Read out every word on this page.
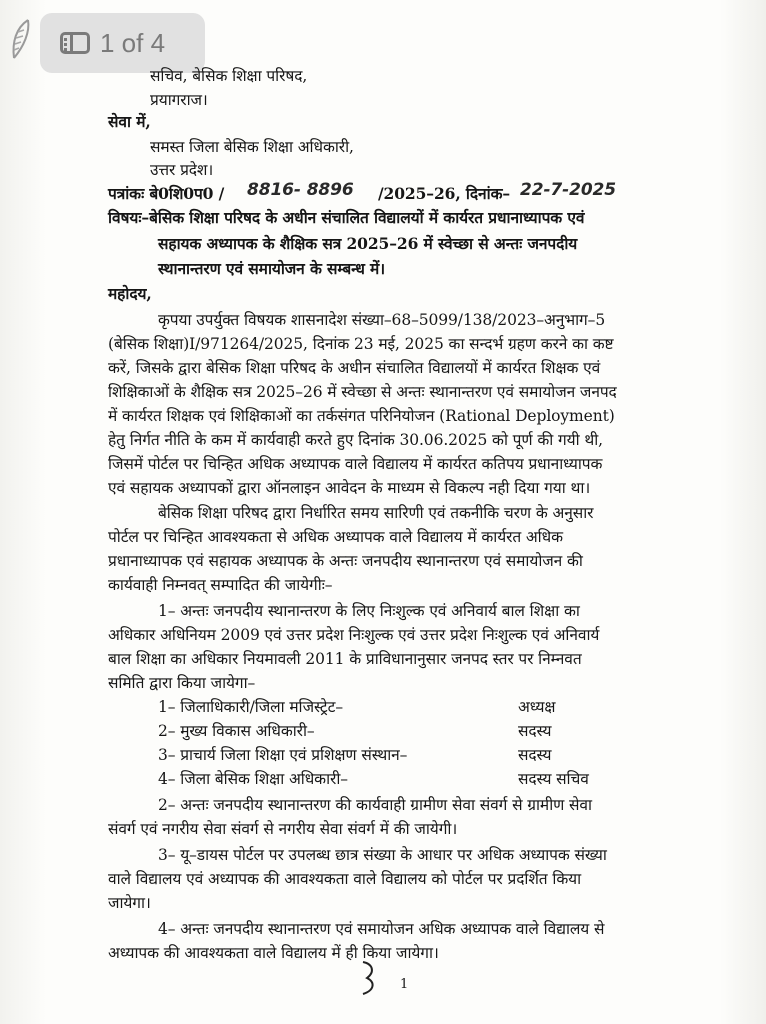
1 of 4
सचिव, बेसिक शिक्षा परिषद,
प्रयागराज।
सेवा में,
समस्त जिला बेसिक शिक्षा अधिकारी,
उत्तर प्रदेश।
पत्रांकः बे0शि0प0 / 8816- 8896 /2025–26, दिनांक– 22-7-2025
विषयः–बेसिक शिक्षा परिषद के अधीन संचालित विद्यालयों में कार्यरत प्रधानाध्यापक एवं
सहायक अध्यापक के शैक्षिक सत्र 2025–26 में स्वेच्छा से अन्तः जनपदीय
स्थानान्तरण एवं समायोजन के सम्बन्ध में।
महोदय,
कृपया उपर्युक्त विषयक शासनादेश संख्या–68–5099/138/2023–अनुभाग–5
(बेसिक शिक्षा)I/971264/2025, दिनांक 23 मई, 2025 का सन्दर्भ ग्रहण करने का कष्ट
करें, जिसके द्वारा बेसिक शिक्षा परिषद के अधीन संचालित विद्यालयों में कार्यरत शिक्षक एवं
शिक्षिकाओं के शैक्षिक सत्र 2025–26 में स्वेच्छा से अन्तः स्थानान्तरण एवं समायोजन जनपद
में कार्यरत शिक्षक एवं शिक्षिकाओं का तर्कसंगत परिनियोजन (Rational Deployment)
हेतु निर्गत नीति के कम में कार्यवाही करते हुए दिनांक 30.06.2025 को पूर्ण की गयी थी,
जिसमें पोर्टल पर चिन्हित अधिक अध्यापक वाले विद्यालय में कार्यरत कतिपय प्रधानाध्यापक
एवं सहायक अध्यापकों द्वारा ऑनलाइन आवेदन के माध्यम से विकल्प नही दिया गया था।
बेसिक शिक्षा परिषद द्वारा निर्धारित समय सारिणी एवं तकनीकि चरण के अनुसार
पोर्टल पर चिन्हित आवश्यकता से अधिक अध्यापक वाले विद्यालय में कार्यरत अधिक
प्रधानाध्यापक एवं सहायक अध्यापक के अन्तः जनपदीय स्थानान्तरण एवं समायोजन की
कार्यवाही निम्नवत् सम्पादित की जायेगीः–
1– अन्तः जनपदीय स्थानान्तरण के लिए निःशुल्क एवं अनिवार्य बाल शिक्षा का
अधिकार अधिनियम 2009 एवं उत्तर प्रदेश निःशुल्क एवं उत्तर प्रदेश निःशुल्क एवं अनिवार्य
बाल शिक्षा का अधिकार नियमावली 2011 के प्राविधानानुसार जनपद स्तर पर निम्नवत
समिति द्वारा किया जायेगा–
1– जिलाधिकारी/जिला मजिस्ट्रेट–	अध्यक्ष
2– मुख्य विकास अधिकारी–	सदस्य
3– प्राचार्य जिला शिक्षा एवं प्रशिक्षण संस्थान–	सदस्य
4– जिला बेसिक शिक्षा अधिकारी–	सदस्य सचिव
2– अन्तः जनपदीय स्थानान्तरण की कार्यवाही ग्रामीण सेवा संवर्ग से ग्रामीण सेवा
संवर्ग एवं नगरीय सेवा संवर्ग से नगरीय सेवा संवर्ग में की जायेगी।
3– यू–डायस पोर्टल पर उपलब्ध छात्र संख्या के आधार पर अधिक अध्यापक संख्या
वाले विद्यालय एवं अध्यापक की आवश्यकता वाले विद्यालय को पोर्टल पर प्रदर्शित किया
जायेगा।
4– अन्तः जनपदीय स्थानान्तरण एवं समायोजन अधिक अध्यापक वाले विद्यालय से
अध्यापक की आवश्यकता वाले विद्यालय में ही किया जायेगा।
1
